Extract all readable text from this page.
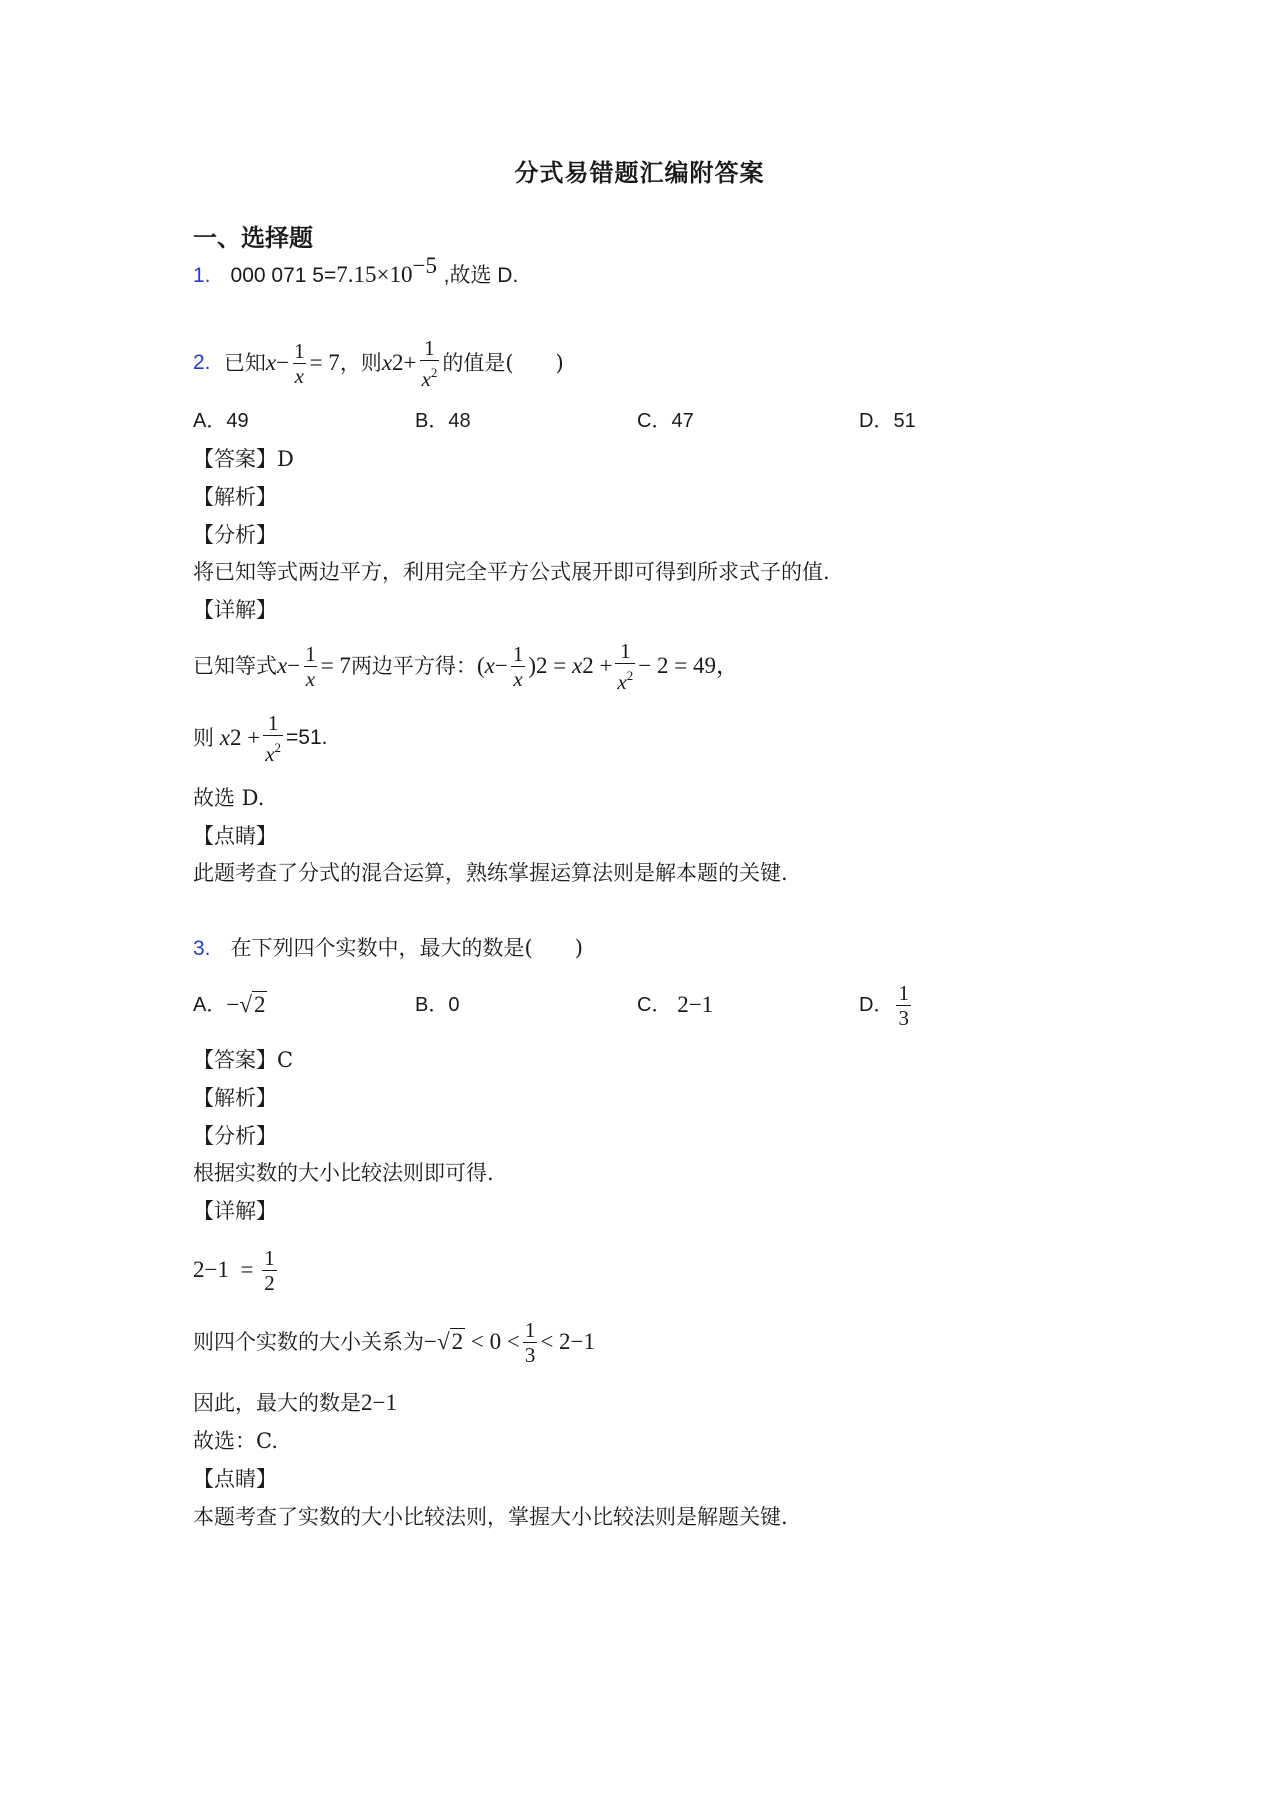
分式易错题汇编附答案
一、选择题
1. 000 071 $5=7.15\times 10^{-5}$ ,故选 D.
2.
已知 $x - \frac{1}{x} = 7$ ，则 x $2 + \frac{1}{x^2}$ 的值是(　　)
A．49	B．48	C．47	D．51
【答案】D
【解析】
【分析】
将已知等式两边平方，利用完全平方公式展开即可得到所求式子的值.
【详解】
已知等式 $x - \frac{1}{x} = 7$ 两边平方得： ( $x - \frac{1}{x}$ ) 2 = x $2 + \frac{1}{x^2} - 2 = 49$，
则 x $2 + \frac{1}{x^2} =51$.
故选 D.
【点睛】
此题考查了分式的混合运算，熟练掌握运算法则是解本题的关键.
3. 在下列四个实数中，最大的数是(　　)
A． − √2	B．0	C． 2 −1	D． $\frac{1}{3}$
【答案】C
【解析】
【分析】
根据实数的大小比较法则即可得.
【详解】
$2 -1 = \frac{1}{2}$
则四个实数的大小关系为 − $√2 < 0 < \frac{1}{3} < 2 -1$
因此，最大的数是 2 −1
故选：C.
【点睛】
本题考查了实数的大小比较法则，掌握大小比较法则是解题关键.
